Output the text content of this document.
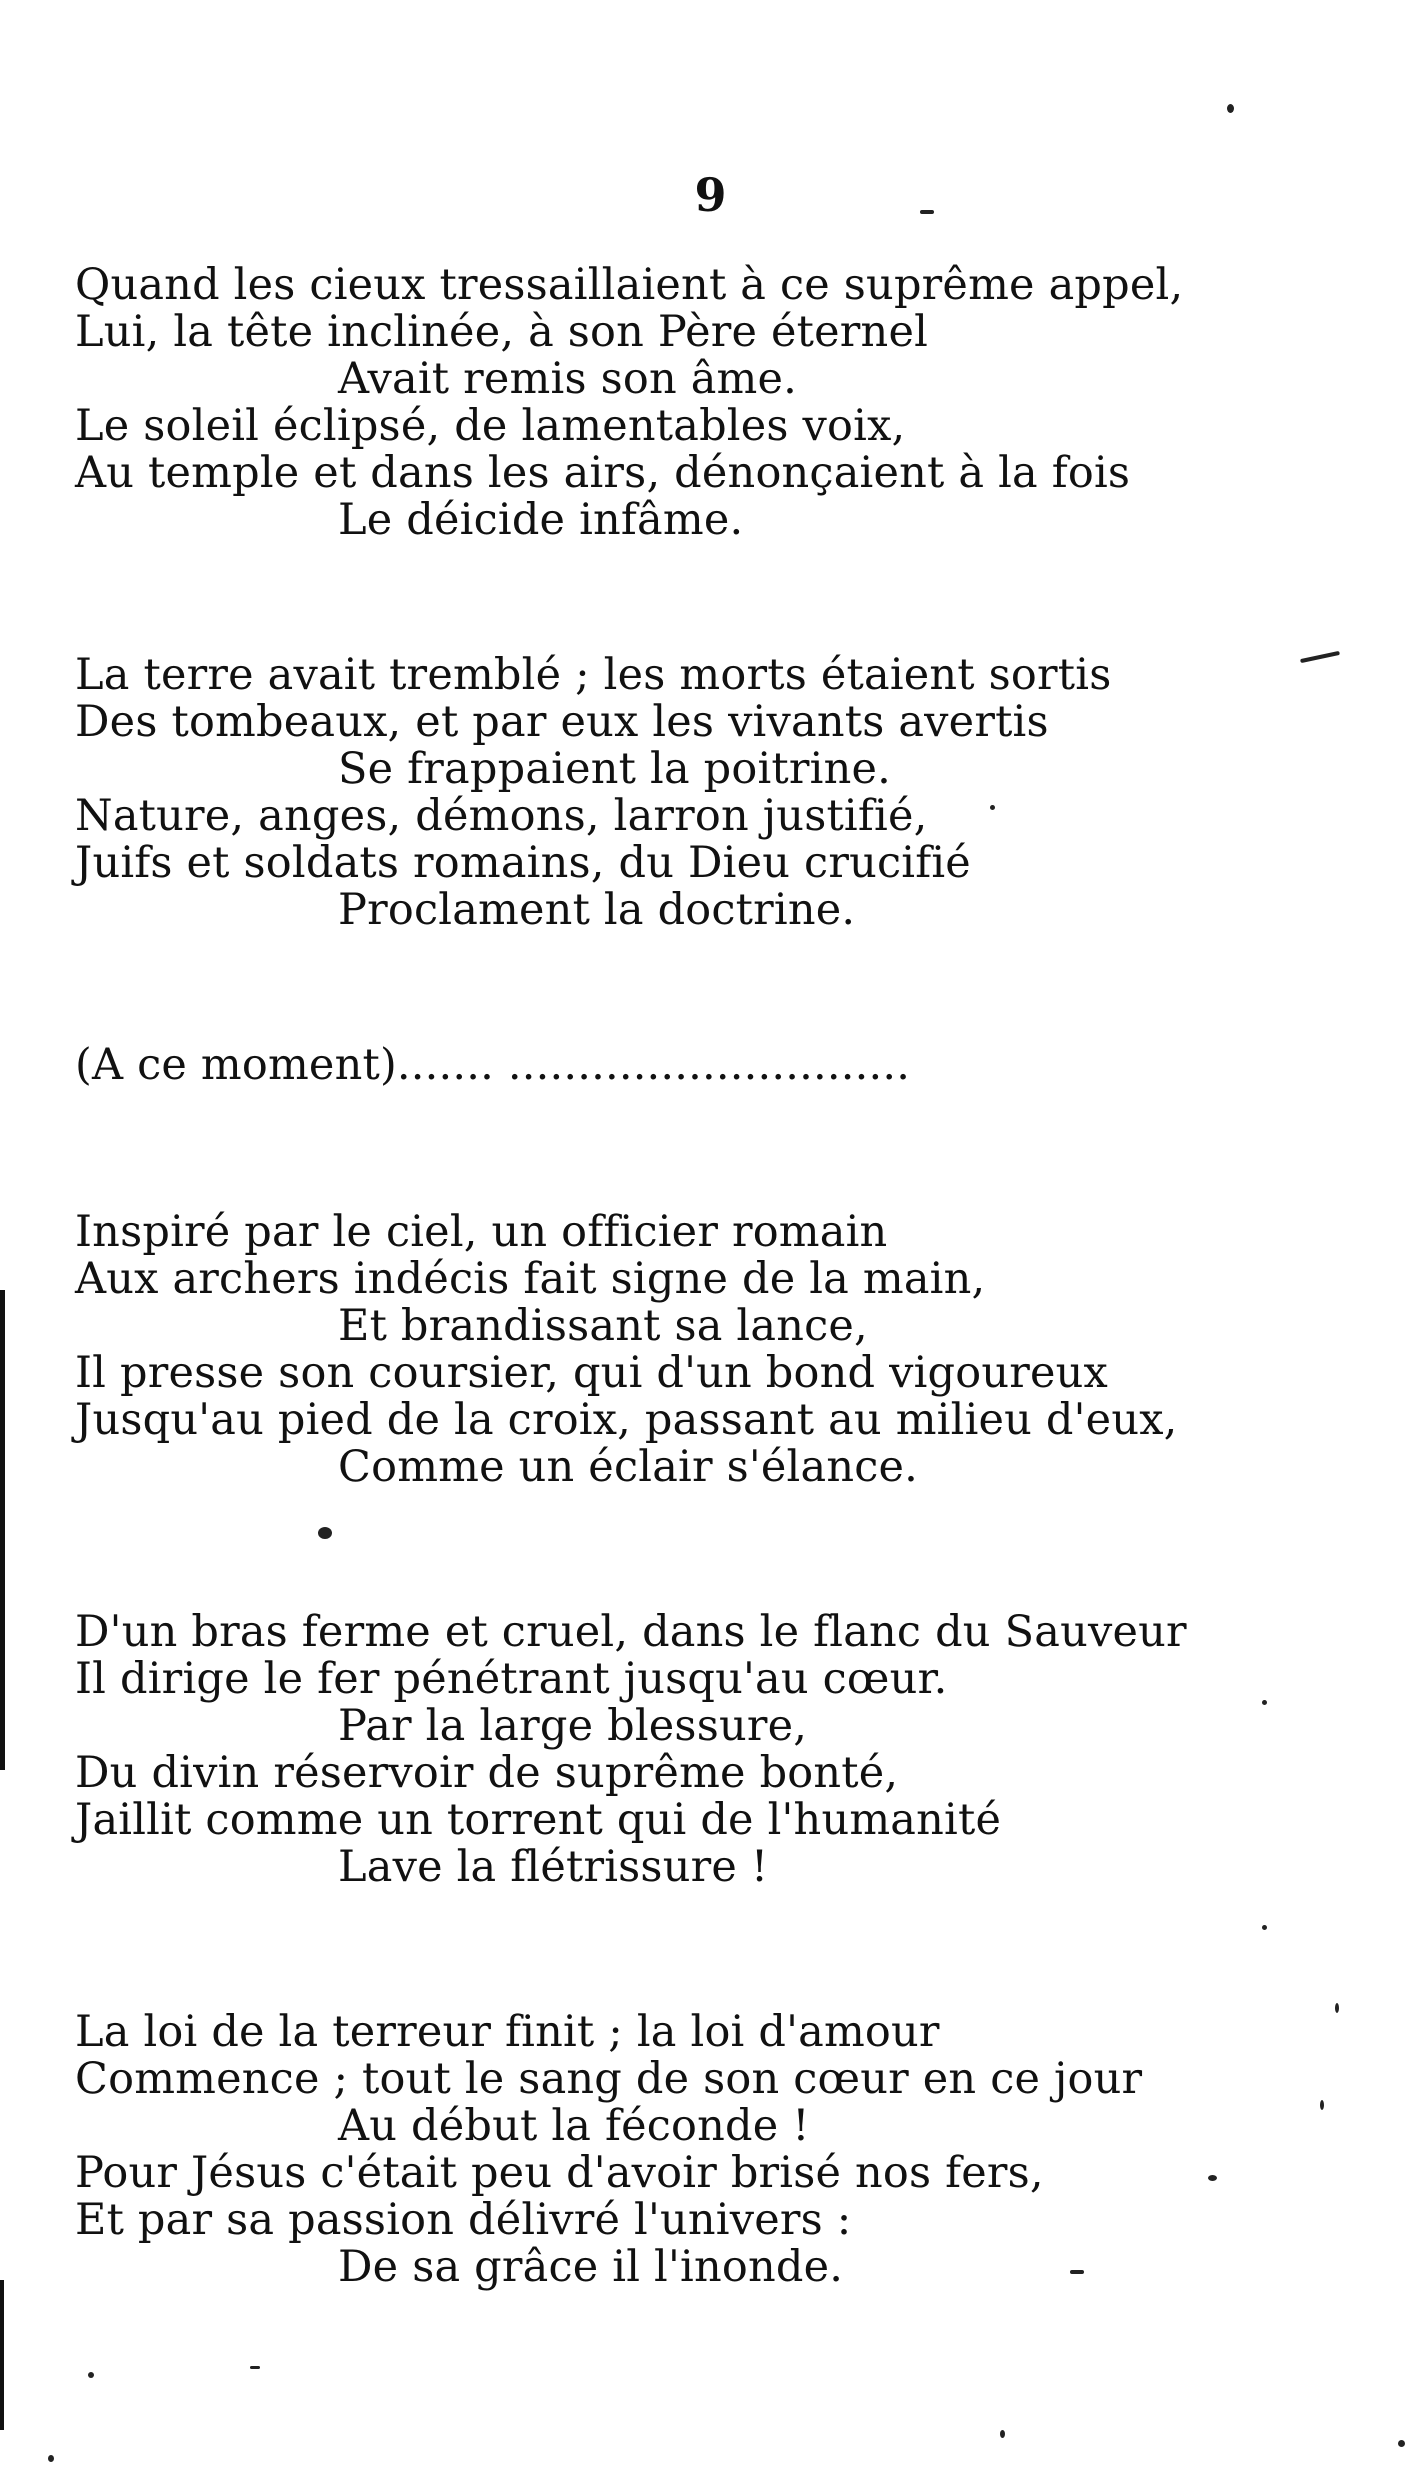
9
Quand les cieux tressaillaient à ce suprême appel,
Lui, la tête inclinée, à son Père éternel
Avait remis son âme.
Le soleil éclipsé, de lamentables voix,
Au temple et dans les airs, dénonçaient à la fois
Le déicide infâme.
La terre avait tremblé ; les morts étaient sortis
Des tombeaux, et par eux les vivants avertis
Se frappaient la poitrine.
Nature, anges, démons, larron justifié,
Juifs et soldats romains, du Dieu crucifié
Proclament la doctrine.
(A ce moment)....... .............................
Inspiré par le ciel, un officier romain
Aux archers indécis fait signe de la main,
Et brandissant sa lance,
Il presse son coursier, qui d'un bond vigoureux
Jusqu'au pied de la croix, passant au milieu d'eux,
Comme un éclair s'élance.
D'un bras ferme et cruel, dans le flanc du Sauveur
Il dirige le fer pénétrant jusqu'au cœur.
Par la large blessure,
Du divin réservoir de suprême bonté,
Jaillit comme un torrent qui de l'humanité
Lave la flétrissure !
La loi de la terreur finit ; la loi d'amour
Commence ; tout le sang de son cœur en ce jour
Au début la féconde !
Pour Jésus c'était peu d'avoir brisé nos fers,
Et par sa passion délivré l'univers :
De sa grâce il l'inonde.
